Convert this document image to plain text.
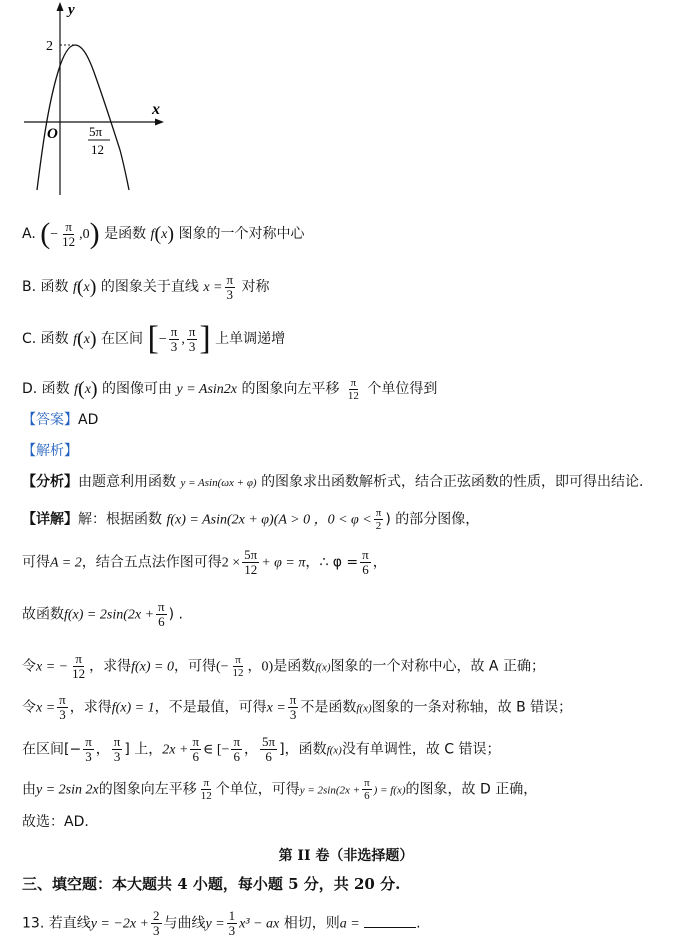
y
x
O
2
5π
12
A. (− $\frac{\pi}{12} ,0$) 是函数 f(x) 图象的一个对称中心
B. 函数 f(x) 的图象关于直线 $x = \frac{\pi}{3}$ 对称
C. 函数 f(x) 在区间 [− $\frac{\pi}{3}$ , $\frac{\pi}{3}$ ] 上单调递增
D. 函数 f(x) 的图像可由 y = Asin2x 的图象向左平移 $\frac{\pi}{12}$ 个单位得到
【答案】AD
【解析】
【分析】由题意利用函数 y = Asin(ωx + φ) 的图象求出函数解析式，结合正弦函数的性质，即可得出结论.
【详解】解：根据函数 f(x) = Asin(2x + φ)(A > 0 ，$0 < \varphi < \frac{\pi}{2}$ ) 的部分图像，
可得A = 2，结合五点法作图可得$2 \times \frac{5\pi}{12} + \varphi = \pi$，∴ $\varphi = \frac{\pi}{6}$ ，
故函数$f(x) = 2\sin(2x + \frac{\pi}{6}$ ) .
令x = − $\frac{\pi}{12}$ ，求得f(x) = 0，可得(− $\frac{\pi}{12}$ ，0)是函数f(x)图象的一个对称中心，故 A 正确；
令$x = \frac{\pi}{3}$ ，求得f(x) = 1，不是最值，可得$x = \frac{\pi}{3}$ 不是函数f(x)图象的一条对称轴，故 B 错误；
在区间[− $\frac{\pi}{3}$ ， $\frac{\pi}{3}$ ] 上，$2x + \frac{\pi}{6}$ ∈ [− $\frac{\pi}{6}$ ， $\frac{5\pi}{6}$ ]，函数f(x)没有单调性，故 C 错误；
由y = 2sin 2x的图象向左平移 $\frac{\pi}{12}$ 个单位，可得$y = 2\sin(2x + \frac{\pi}{6}$ ) = f(x)的图象，故 D 正确，
故选：AD.
第 II 卷（非选择题）
三、填空题：本大题共 4 小题，每小题 5 分，共 20 分.
13. 若直线$y = -2x + \frac{2}{3}$ 与曲线$y = \frac{1}{3} x^3$ − ax 相切，则a =	.
